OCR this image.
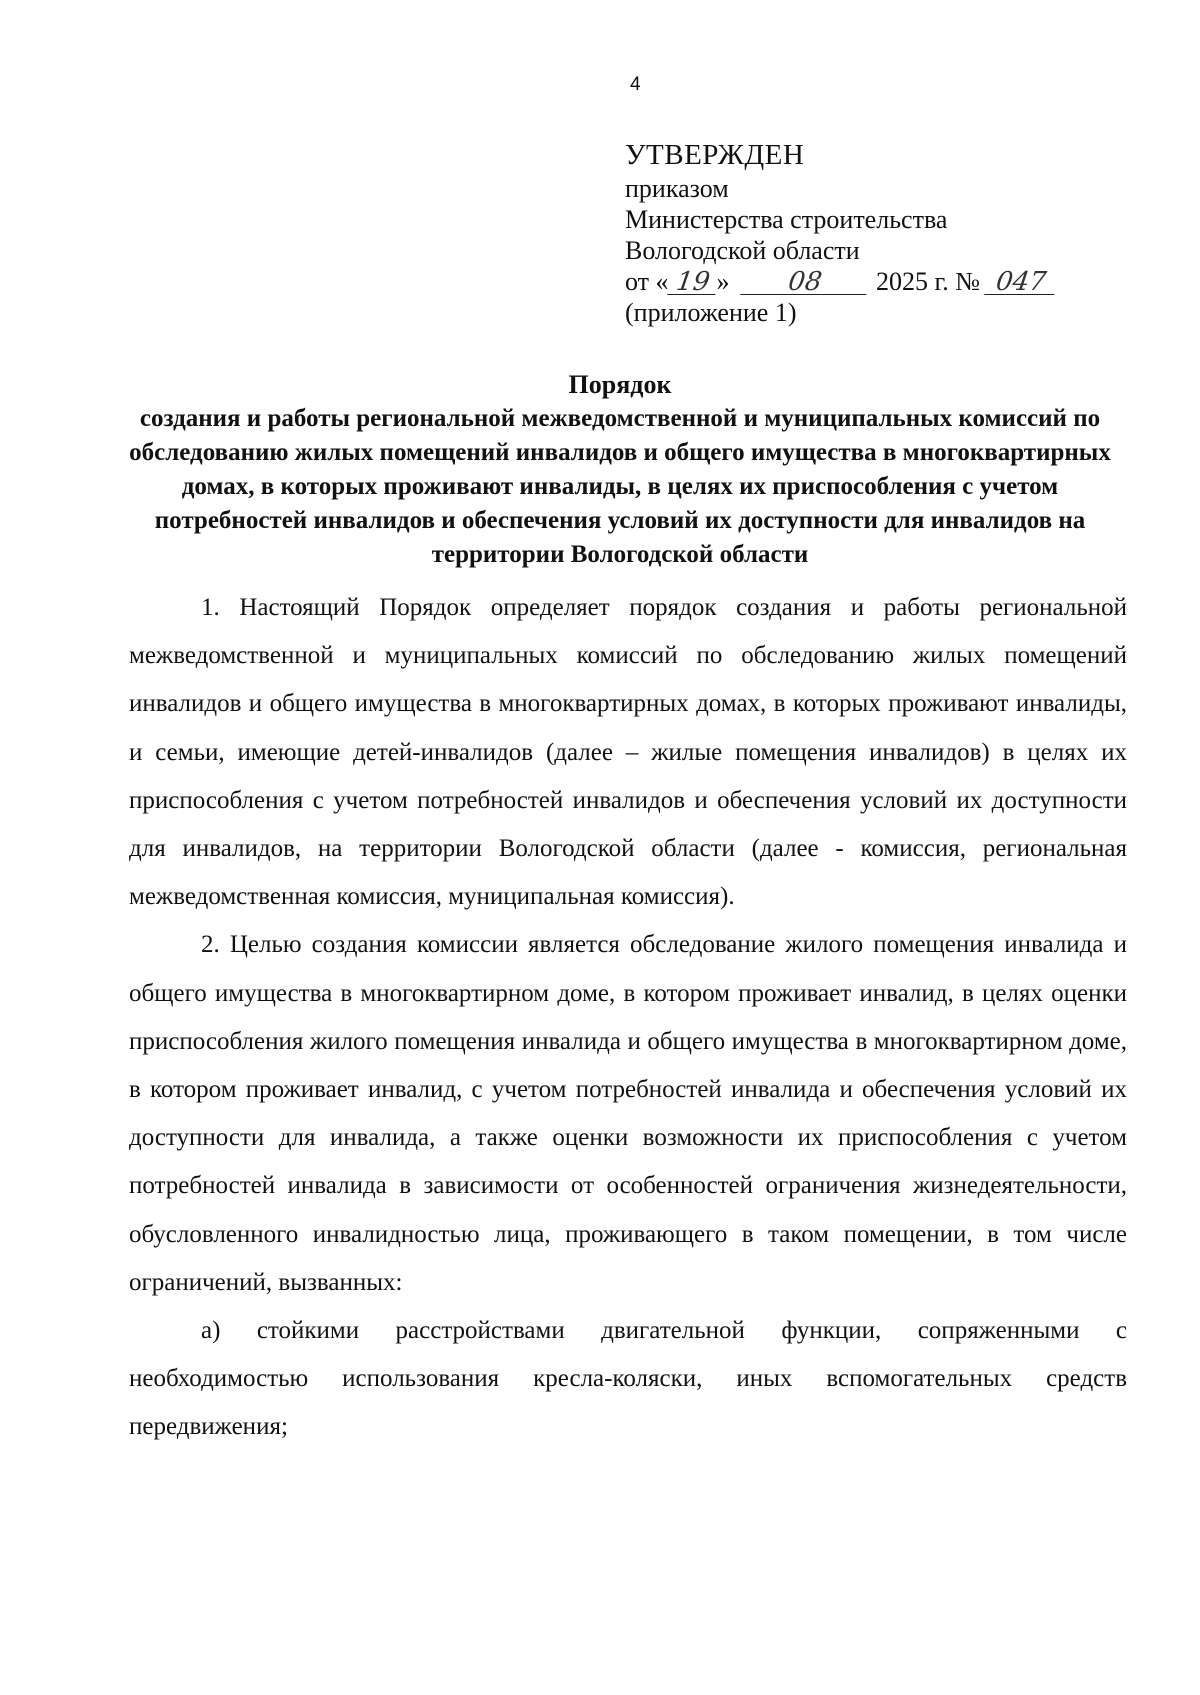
4
УТВЕРЖДЕН
приказом
Министерства строительства
Вологодской области
от « 19 » 08 2025 г. № 047
(приложение 1)
Порядок
создания и работы региональной межведомственной и муниципальных комиссий по обследованию жилых помещений инвалидов и общего имущества в многоквартирных домах, в которых проживают инвалиды, в целях их приспособления с учетом потребностей инвалидов и обеспечения условий их доступности для инвалидов на территории Вологодской области

1. Настоящий Порядок определяет порядок создания и работы региональной межведомственной и муниципальных комиссий по обследованию жилых помещений инвалидов и общего имущества в многоквартирных домах, в которых проживают инвалиды, и семьи, имеющие детей-инвалидов (далее – жилые помещения инвалидов) в целях их приспособления с учетом потребностей инвалидов и обеспечения условий их доступности для инвалидов, на территории Вологодской области (далее - комиссия, региональная межведомственная комиссия, муниципальная комиссия).

2. Целью создания комиссии является обследование жилого помещения инвалида и общего имущества в многоквартирном доме, в котором проживает инвалид, в целях оценки приспособления жилого помещения инвалида и общего имущества в многоквартирном доме, в котором проживает инвалид, с учетом потребностей инвалида и обеспечения условий их доступности для инвалида, а также оценки возможности их приспособления с учетом потребностей инвалида в зависимости от особенностей ограничения жизнедеятельности, обусловленного инвалидностью лица, проживающего в таком помещении, в том числе ограничений, вызванных:

а) стойкими расстройствами двигательной функции, сопряженными с необходимостью использования кресла-коляски, иных вспомогательных средств передвижения;
